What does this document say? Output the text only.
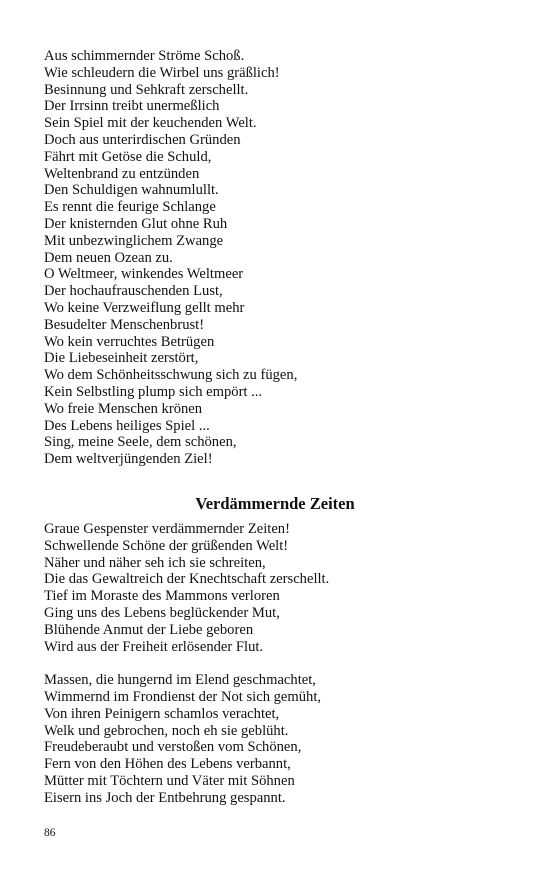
Aus schimmernder Ströme Schoß.
Wie schleudern die Wirbel uns gräßlich!
Besinnung und Sehkraft zerschellt.
Der Irrsinn treibt unermeßlich
Sein Spiel mit der keuchenden Welt.
Doch aus unterirdischen Gründen
Fährt mit Getöse die Schuld,
Weltenbrand zu entzünden
Den Schuldigen wahnumlullt.
Es rennt die feurige Schlange
Der knisternden Glut ohne Ruh
Mit unbezwinglichem Zwange
Dem neuen Ozean zu.
O Weltmeer, winkendes Weltmeer
Der hochaufrauschenden Lust,
Wo keine Verzweiflung gellt mehr
Besudelter Menschenbrust!
Wo kein verruchtes Betrügen
Die Liebeseinheit zerstört,
Wo dem Schönheitsschwung sich zu fügen,
Kein Selbstling plump sich empört ...
Wo freie Menschen krönen
Des Lebens heiliges Spiel ...
Sing, meine Seele, dem schönen,
Dem weltverjüngenden Ziel!
Verdämmernde Zeiten
Graue Gespenster verdämmernder Zeiten!
Schwellende Schöne der grüßenden Welt!
Näher und näher seh ich sie schreiten,
Die das Gewaltreich der Knechtschaft zerschellt.
Tief im Moraste des Mammons verloren
Ging uns des Lebens beglückender Mut,
Blühende Anmut der Liebe geboren
Wird aus der Freiheit erlösender Flut.
Massen, die hungernd im Elend geschmachtet,
Wimmernd im Frondienst der Not sich gemüht,
Von ihren Peinigern schamlos verachtet,
Welk und gebrochen, noch eh sie geblüht.
Freudeberaubt und verstoßen vom Schönen,
Fern von den Höhen des Lebens verbannt,
Mütter mit Töchtern und Väter mit Söhnen
Eisern ins Joch der Entbehrung gespannt.
86
